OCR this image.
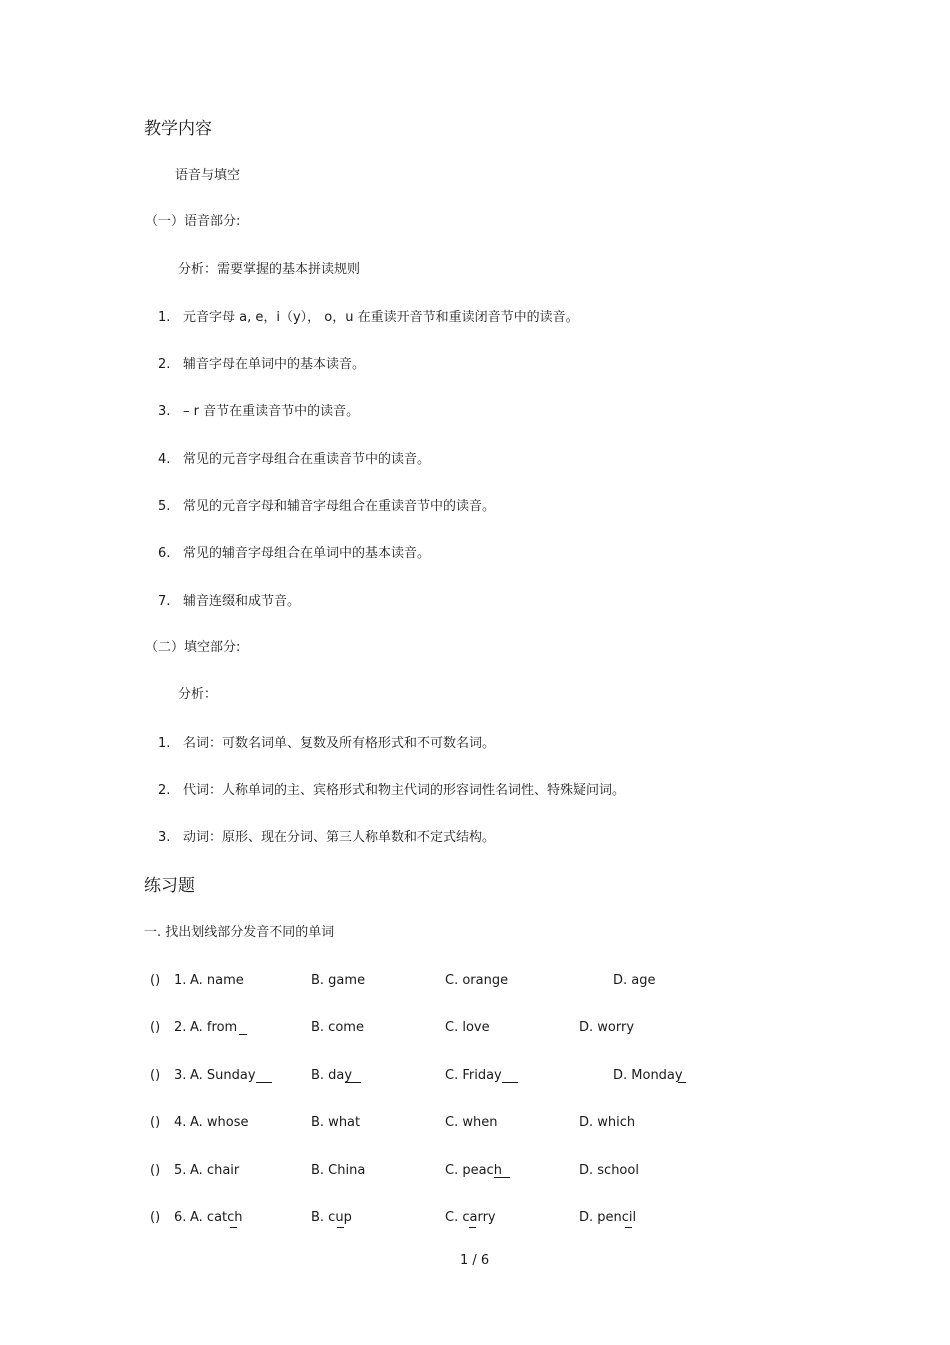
教学内容
语音与填空
（一）语音部分:
分析：需要掌握的基本拼读规则
1. 元音字母 a, e，i（y）， o，u 在重读开音节和重读闭音节中的读音。
2. 辅音字母在单词中的基本读音。
3. – r 音节在重读音节中的读音。
4. 常见的元音字母组合在重读音节中的读音。
5. 常见的元音字母和辅音字母组合在重读音节中的读音。
6. 常见的辅音字母组合在单词中的基本读音。
7. 辅音连缀和成节音。
（二）填空部分:
分析：
1. 名词：可数名词单、复数及所有格形式和不可数名词。
2. 代词：人称单词的主、宾格形式和物主代词的形容词性名词性、特殊疑问词。
3. 动词：原形、现在分词、第三人称单数和不定式结构。
练习题
一. 找出划线部分发音不同的单词
() 1. A. name	B. game	C. orange	D. age
() 2. A. from	B. come	C. love	D. worry
() 3. A. Sunday	B. day	C. Friday	D. Monday
() 4. A. whose	B. what	C. when	D. which
() 5. A. chair	B. China	C. peach	D. school
() 6. A. catch	B. cup	C. carry	D. pencil
1 / 6
